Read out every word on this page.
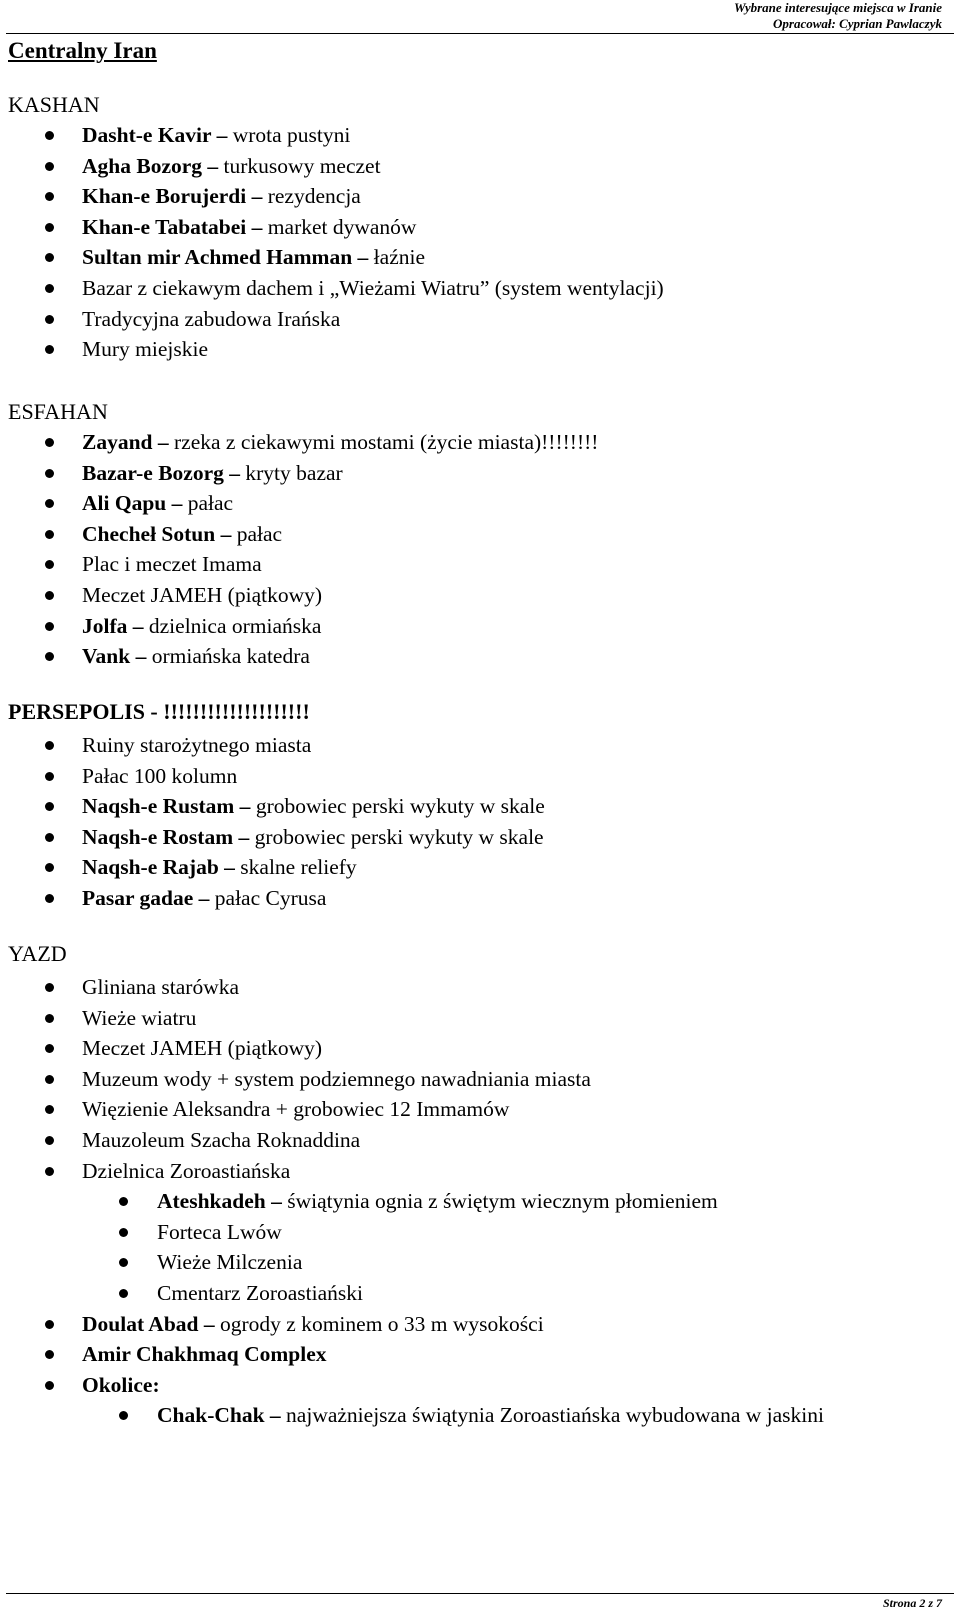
Wybrane interesujące miejsca w Iranie
Opracował: Cyprian Pawlaczyk
Centralny Iran
KASHAN
Dasht-e Kavir – wrota pustyni
Agha Bozorg – turkusowy meczet
Khan-e Borujerdi – rezydencja
Khan-e Tabatabei – market dywanów
Sultan mir Achmed Hamman – łaźnie
Bazar z ciekawym dachem i „Wieżami Wiatru” (system wentylacji)
Tradycyjna zabudowa Irańska
Mury miejskie
ESFAHAN
Zayand – rzeka z ciekawymi mostami (życie miasta)!!!!!!!!
Bazar-e Bozorg – kryty bazar
Ali Qapu – pałac
Checheł Sotun – pałac
Plac i meczet Imama
Meczet JAMEH (piątkowy)
Jolfa – dzielnica ormiańska
Vank – ormiańska katedra
PERSEPOLIS - !!!!!!!!!!!!!!!!!!!!
Ruiny starożytnego miasta
Pałac 100 kolumn
Naqsh-e Rustam – grobowiec perski wykuty w skale
Naqsh-e Rostam – grobowiec perski wykuty w skale
Naqsh-e Rajab – skalne reliefy
Pasar gadae – pałac Cyrusa
YAZD
Gliniana starówka
Wieże wiatru
Meczet JAMEH (piątkowy)
Muzeum wody + system podziemnego nawadniania miasta
Więzienie Aleksandra + grobowiec 12 Immamów
Mauzoleum Szacha Roknaddina
Dzielnica Zoroastiańska
Ateshkadeh – świątynia ognia z świętym wiecznym płomieniem
Forteca Lwów
Wieże Milczenia
Cmentarz Zoroastiański
Doulat Abad – ogrody z kominem o 33 m wysokości
Amir Chakhmaq Complex
Okolice:
Chak-Chak – najważniejsza świątynia Zoroastiańska wybudowana w jaskini
Strona 2 z 7
